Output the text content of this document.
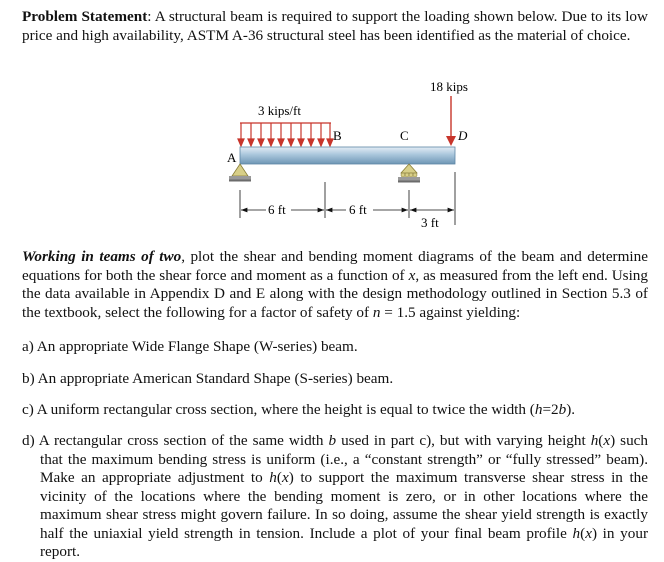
Problem Statement: A structural beam is required to support the loading shown below. Due to its low price and high availability, ASTM A-36 structural steel has been identified as the material of choice.
3 kips/ft
18 kips
A
B	C	D
6 ft	6 ft
3 ft
Working in teams of two, plot the shear and bending moment diagrams of the beam and determine equations for both the shear force and moment as a function of x, as measured from the left end. Using the data available in Appendix D and E along with the design methodology outlined in Section 5.3 of the textbook, select the following for a factor of safety of n = 1.5 against yielding:
a) An appropriate Wide Flange Shape (W-series) beam.
b) An appropriate American Standard Shape (S-series) beam.
c) A uniform rectangular cross section, where the height is equal to twice the width (h=2b).
d) A rectangular cross section of the same width b used in part c), but with varying height h(x) such that the maximum bending stress is uniform (i.e., a “constant strength” or “fully stressed” beam). Make an appropriate adjustment to h(x) to support the maximum transverse shear stress in the vicinity of the locations where the bending moment is zero, or in other locations where the maximum shear stress might govern failure. In so doing, assume the shear yield strength is exactly half the uniaxial yield strength in tension. Include a plot of your final beam profile h(x) in your report.
